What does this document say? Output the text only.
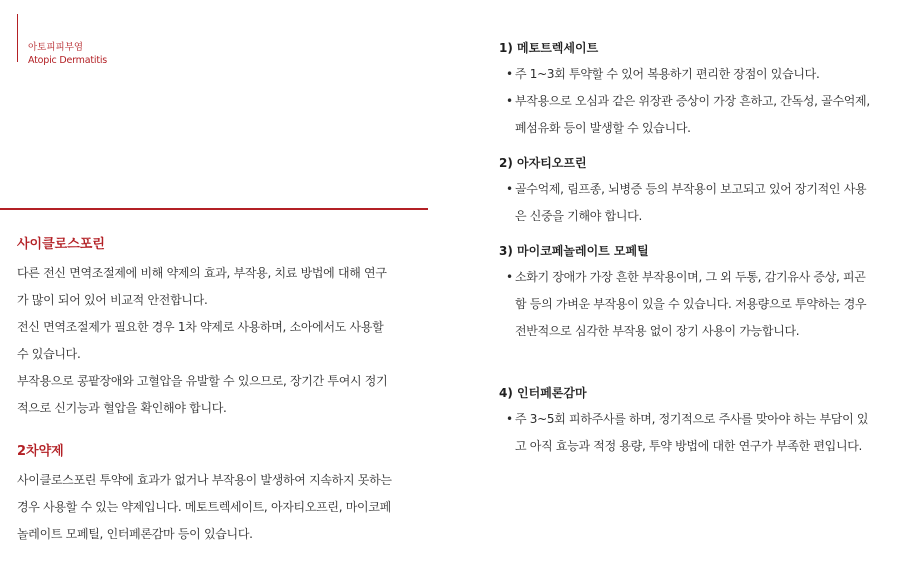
아토피피부염
Atopic Dermatitis
사이클로스포린

다른 전신 면역조절제에 비해 약제의 효과, 부작용, 치료 방법에 대해 연구가 많이 되어 있어 비교적 안전합니다.

전신 면역조절제가 필요한 경우 1차 약제로 사용하며, 소아에서도 사용할 수 있습니다.

부작용으로 콩팥장애와 고혈압을 유발할 수 있으므로, 장기간 투여시 정기적으로 신기능과 혈압을 확인해야 합니다.

2차약제

사이클로스포린 투약에 효과가 없거나 부작용이 발생하여 지속하지 못하는 경우 사용할 수 있는 약제입니다. 메토트렉세이트, 아자티오프린, 마이코페놀레이트 모페틸, 인터페론감마 등이 있습니다.

1) 메토트렉세이트

• 주 1~3회 투약할 수 있어 복용하기 편리한 장점이 있습니다.

• 부작용으로 오심과 같은 위장관 증상이 가장 흔하고, 간독성, 골수억제, 폐섬유화 등이 발생할 수 있습니다.

2) 아자티오프린

• 골수억제, 림프종, 뇌병증 등의 부작용이 보고되고 있어 장기적인 사용은 신중을 기해야 합니다.

3) 마이코페놀레이트 모페틸

• 소화기 장애가 가장 흔한 부작용이며, 그 외 두통, 감기유사 증상, 피곤함 등의 가벼운 부작용이 있을 수 있습니다. 저용량으로 투약하는 경우 전반적으로 심각한 부작용 없이 장기 사용이 가능합니다.

4) 인터페론감마

• 주 3~5회 피하주사를 하며, 정기적으로 주사를 맞아야 하는 부담이 있고 아직 효능과 적정 용량, 투약 방법에 대한 연구가 부족한 편입니다.
